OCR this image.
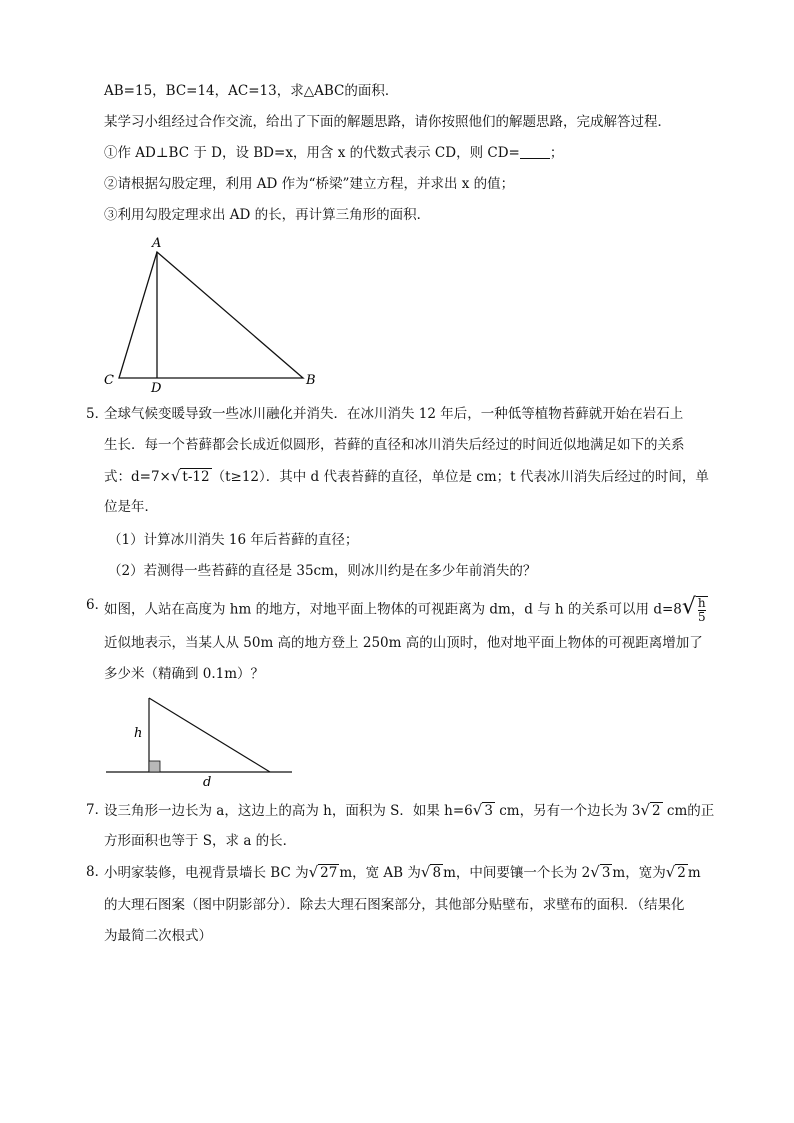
AB=15，BC=14，AC=13，求△ABC的面积．
某学习小组经过合作交流，给出了下面的解题思路，请你按照他们的解题思路，完成解答过程．
①作 AD⊥BC 于 D，设 BD=x，用含 x 的代数式表示 CD，则 CD= ；
②请根据勾股定理，利用 AD 作为“桥梁”建立方程，并求出 x 的值；
③利用勾股定理求出 AD 的长，再计算三角形的面积．
A
C
D
B
5．
全球气候变暖导致一些冰川融化并消失．在冰川消失 12 年后，一种低等植物苔藓就开始在岩石上
生长．每一个苔藓都会长成近似圆形，苔藓的直径和冰川消失后经过的时间近似地满足如下的关系
式：d=7×√ t-12 （t≥12）．其中 d 代表苔藓的直径，单位是 cm；t 代表冰川消失后经过的时间，单
位是年．
（1）计算冰川消失 16 年后苔藓的直径；
（2）若测得一些苔藓的直径是 35cm，则冰川约是在多少年前消失的？
6．
如图，人站在高度为 hm 的地方，对地平面上物体的可视距离为 dm，d 与 h 的关系可以用 $d=8√ \frac{h}{5}$
近似地表示，当某人从 50m 高的地方登上 250m 高的山顶时，他对地平面上物体的可视距离增加了
多少米（精确到 0.1m）？
h
d
7．
设三角形一边长为 a，这边上的高为 h，面积为 S．如果 h=6√ 3 cm，另有一个边长为 3√ 2 cm的正
方形面积也等于 S，求 a 的长．
8．
小明家装修，电视背景墙长 BC 为√ 27 m，宽 AB 为√ 8 m，中间要镶一个长为 2√ 3 m，宽为√ 2 m
的大理石图案（图中阴影部分）．除去大理石图案部分，其他部分贴壁布，求壁布的面积．（结果化
为最简二次根式）
